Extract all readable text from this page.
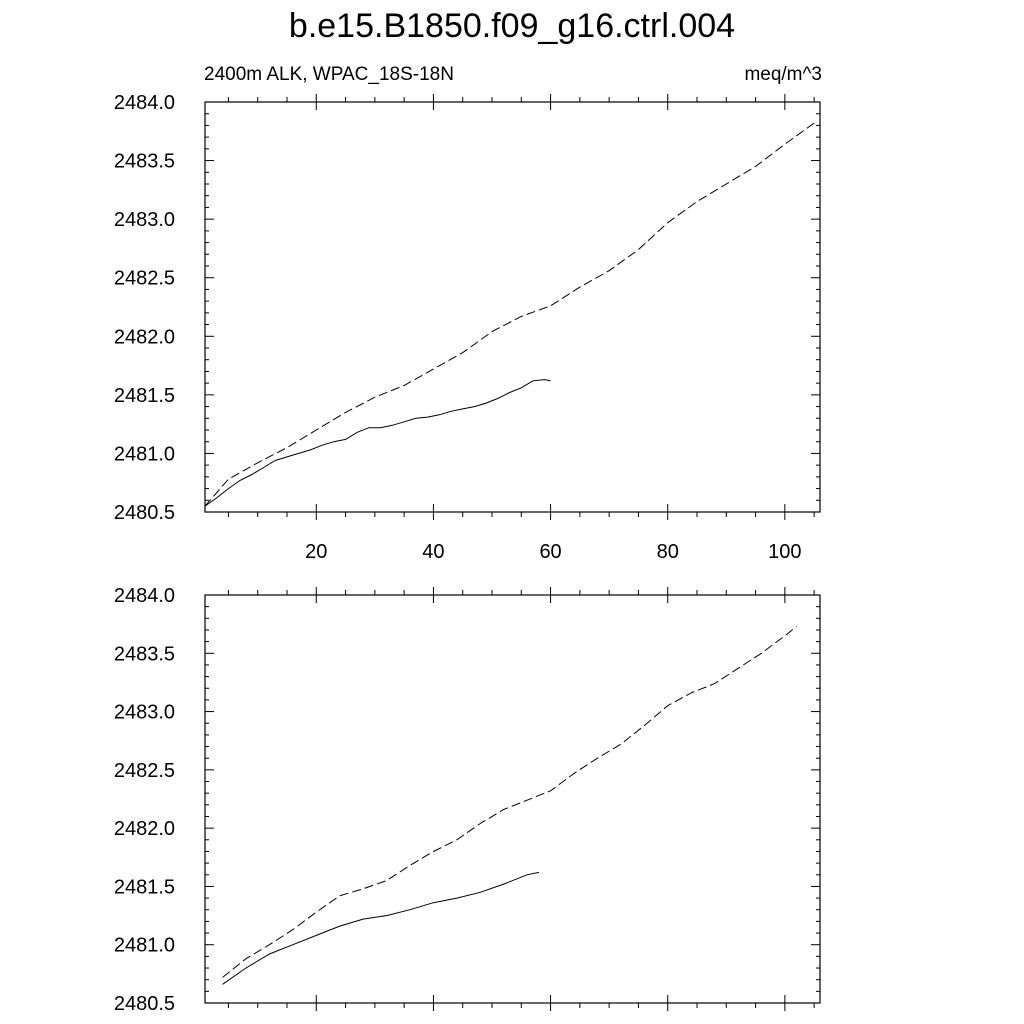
b.e15.B1850.f09_g16.ctrl.004
2400m ALK, WPAC_18S-18N	meq/m^3
20	40	60	80	100
2480.5
2481.0
2481.5
2482.0
2482.5
2483.0
2483.5
2484.0
2480.5
2481.0
2481.5
2482.0
2482.5
2483.0
2483.5
2484.0
